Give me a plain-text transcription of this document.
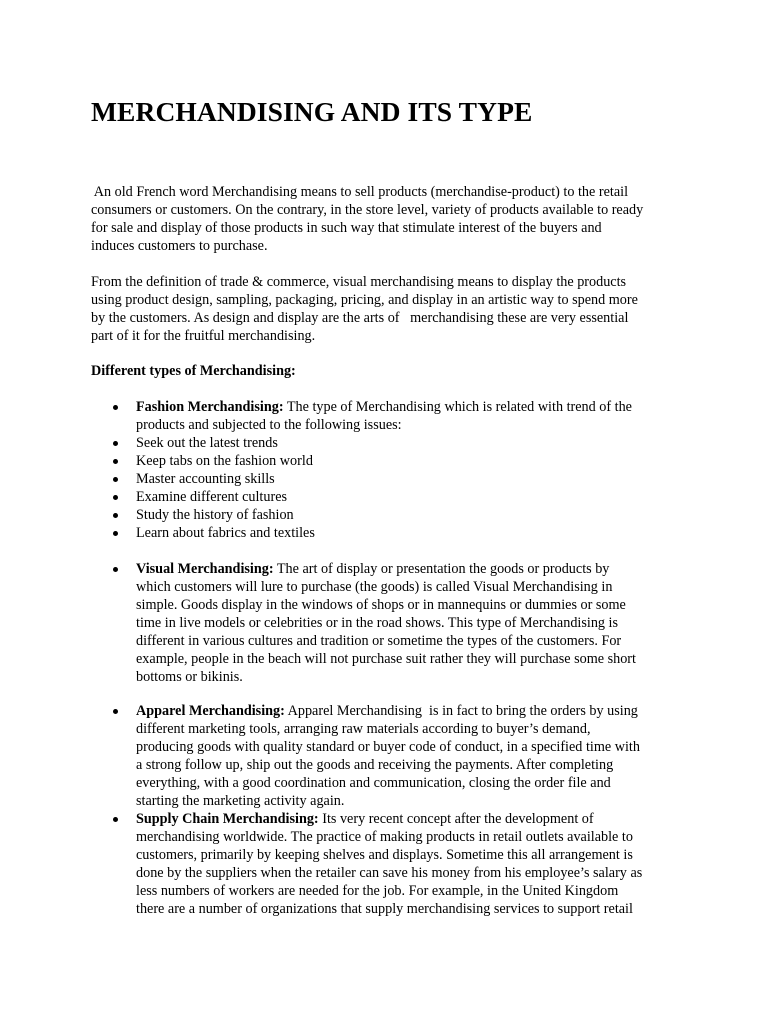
MERCHANDISING AND ITS TYPE

An old French word Merchandising means to sell products (merchandise-product) to the retail
consumers or customers. On the contrary, in the store level, variety of products available to ready
for sale and display of those products in such way that stimulate interest of the buyers and
induces customers to purchase.

From the definition of trade & commerce, visual merchandising means to display the products
using product design, sampling, packaging, pricing, and display in an artistic way to spend more
by the customers. As design and display are the arts of   merchandising these are very essential
part of it for the fruitful merchandising.

Different types of Merchandising:

Fashion Merchandising: The type of Merchandising which is related with trend of the
products and subjected to the following issues:
Seek out the latest trends
Keep tabs on the fashion world
Master accounting skills
Examine different cultures
Study the history of fashion
Learn about fabrics and textiles
Visual Merchandising: The art of display or presentation the goods or products by
which customers will lure to purchase (the goods) is called Visual Merchandising in
simple. Goods display in the windows of shops or in mannequins or dummies or some
time in live models or celebrities or in the road shows. This type of Merchandising is
different in various cultures and tradition or sometime the types of the customers. For
example, people in the beach will not purchase suit rather they will purchase some short
bottoms or bikinis.
Apparel Merchandising: Apparel Merchandising  is in fact to bring the orders by using
different marketing tools, arranging raw materials according to buyer’s demand,
producing goods with quality standard or buyer code of conduct, in a specified time with
a strong follow up, ship out the goods and receiving the payments. After completing
everything, with a good coordination and communication, closing the order file and
starting the marketing activity again.
Supply Chain Merchandising: Its very recent concept after the development of
merchandising worldwide. The practice of making products in retail outlets available to
customers, primarily by keeping shelves and displays. Sometime this all arrangement is
done by the suppliers when the retailer can save his money from his employee’s salary as
less numbers of workers are needed for the job. For example, in the United Kingdom
there are a number of organizations that supply merchandising services to support retail
